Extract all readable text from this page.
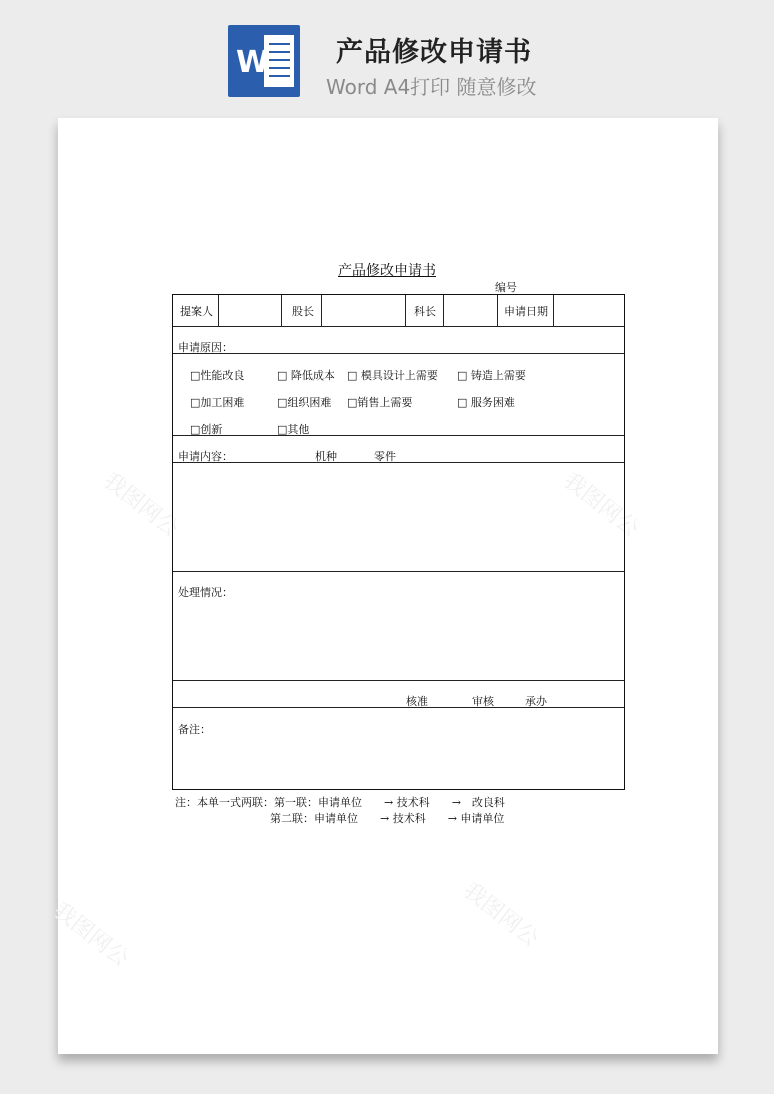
W 产品修改申请书
Word A4打印 随意修改
我图网公	我图网公
我图网公	我图网公
产品修改申请书
编号
提案人	股长	科长	申请日期
申请原因：
□性能改良	□ 降低成本 □ 模具设计上需要 □ 铸造上需要
□加工困难	□组织困难 □销售上需要	□ 服务困难
□创新	□其他
申请内容：	机种	零件
处理情况：
核准	审核	承办
备注：
注：本单一式两联：第一联：申请单位　　→ 技术科　　→　改良科
第二联：申请单位　　→ 技术科　　→ 申请单位
